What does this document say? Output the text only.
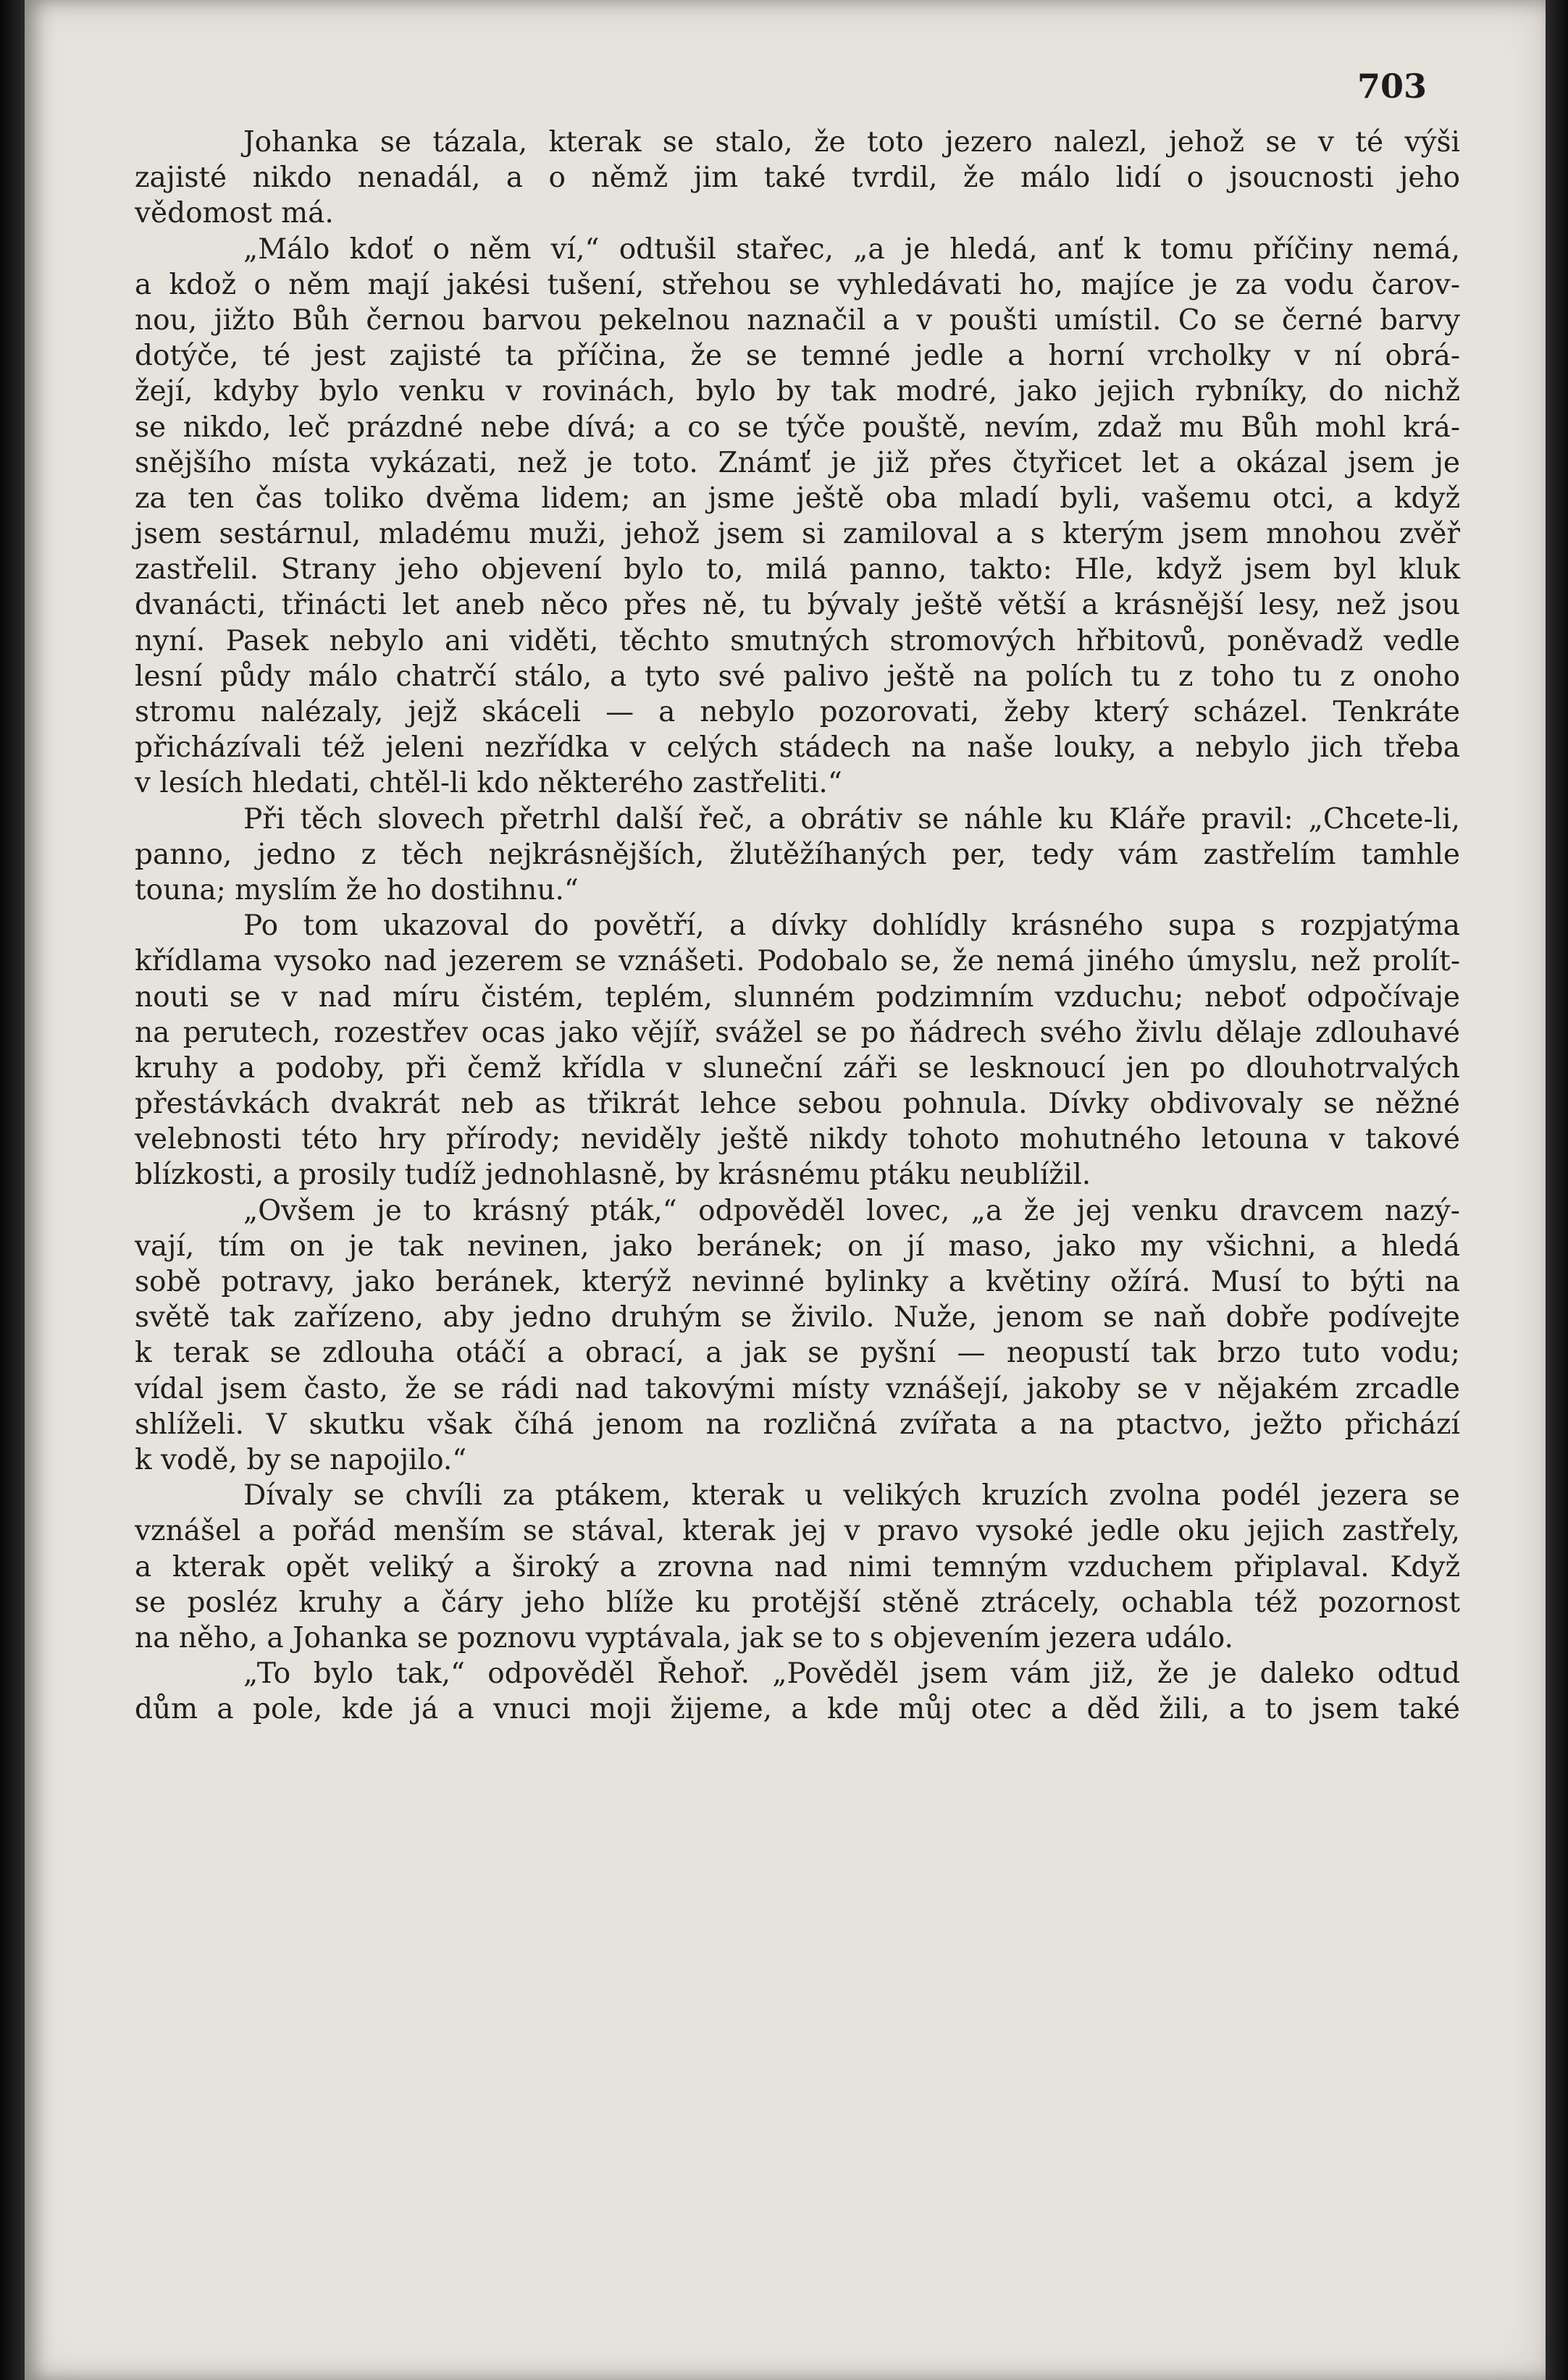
703
Johanka se tázala, kterak se stalo, že toto jezero nalezl, jehož se v té výši
zajisté nikdo nenadál, a o němž jim také tvrdil, že málo lidí o jsoucnosti jeho
vědomost má.
„Málo kdoť o něm ví,“ odtušil stařec, „a je hledá, anť k tomu příčiny nemá,
a kdož o něm mají jakési tušení, střehou se vyhledávati ho, majíce je za vodu čarov-
nou, jižto Bůh černou barvou pekelnou naznačil a v poušti umístil. Co se černé barvy
dotýče, té jest zajisté ta příčina, že se temné jedle a horní vrcholky v ní obrá-
žejí, kdyby bylo venku v rovinách, bylo by tak modré, jako jejich rybníky, do nichž
se nikdo, leč prázdné nebe dívá; a co se týče pouště, nevím, zdaž mu Bůh mohl krá-
snějšího místa vykázati, než je toto. Známť je již přes čtyřicet let a okázal jsem je
za ten čas toliko dvěma lidem; an jsme ještě oba mladí byli, vašemu otci, a když
jsem sestárnul, mladému muži, jehož jsem si zamiloval a s kterým jsem mnohou zvěř
zastřelil. Strany jeho objevení bylo to, milá panno, takto: Hle, když jsem byl kluk
dvanácti, třinácti let aneb něco přes ně, tu bývaly ještě větší a krásnější lesy, než jsou
nyní. Pasek nebylo ani viděti, těchto smutných stromových hřbitovů, poněvadž vedle
lesní půdy málo chatrčí stálo, a tyto své palivo ještě na polích tu z toho tu z onoho
stromu nalézaly, jejž skáceli — a nebylo pozorovati, žeby který scházel. Tenkráte
přicházívali též jeleni nezřídka v celých stádech na naše louky, a nebylo jich třeba
v lesích hledati, chtěl-li kdo některého zastřeliti.“
Při těch slovech přetrhl další řeč, a obrátiv se náhle ku Kláře pravil: „Chcete-li,
panno, jedno z těch nejkrásnějších, žlutěžíhaných per, tedy vám zastřelím tamhle
touna; myslím že ho dostihnu.“
Po tom ukazoval do povětří, a dívky dohlídly krásného supa s rozpjatýma
křídlama vysoko nad jezerem se vznášeti. Podobalo se, že nemá jiného úmyslu, než prolít-
nouti se v nad míru čistém, teplém, slunném podzimním vzduchu; neboť odpočívaje
na perutech, rozestřev ocas jako vějíř, svážel se po ňádrech svého živlu dělaje zdlouhavé
kruhy a podoby, při čemž křídla v sluneční záři se lesknoucí jen po dlouhotrvalých
přestávkách dvakrát neb as třikrát lehce sebou pohnula. Dívky obdivovaly se něžné
velebnosti této hry přírody; neviděly ještě nikdy tohoto mohutného letouna v takové
blízkosti, a prosily tudíž jednohlasně, by krásnému ptáku neublížil.
„Ovšem je to krásný pták,“ odpověděl lovec, „a že jej venku dravcem nazý-
vají, tím on je tak nevinen, jako beránek; on jí maso, jako my všichni, a hledá
sobě potravy, jako beránek, kterýž nevinné bylinky a květiny ožírá. Musí to býti na
světě tak zařízeno, aby jedno druhým se živilo. Nuže, jenom se naň dobře podívejte
k terak se zdlouha otáčí a obrací, a jak se pyšní — neopustí tak brzo tuto vodu;
vídal jsem často, že se rádi nad takovými místy vznášejí, jakoby se v nějakém zrcadle
shlíželi. V skutku však číhá jenom na rozličná zvířata a na ptactvo, ježto přichází
k vodě, by se napojilo.“
Dívaly se chvíli za ptákem, kterak u velikých kruzích zvolna podél jezera se
vznášel a pořád menším se stával, kterak jej v pravo vysoké jedle oku jejich zastřely,
a kterak opět veliký a široký a zrovna nad nimi temným vzduchem připlaval. Když
se posléz kruhy a čáry jeho blíže ku protější stěně ztrácely, ochabla též pozornost
na něho, a Johanka se poznovu vyptávala, jak se to s objevením jezera událo.
„To bylo tak,“ odpověděl Řehoř. „Pověděl jsem vám již, že je daleko odtud
dům a pole, kde já a vnuci moji žijeme, a kde můj otec a děd žili, a to jsem také
